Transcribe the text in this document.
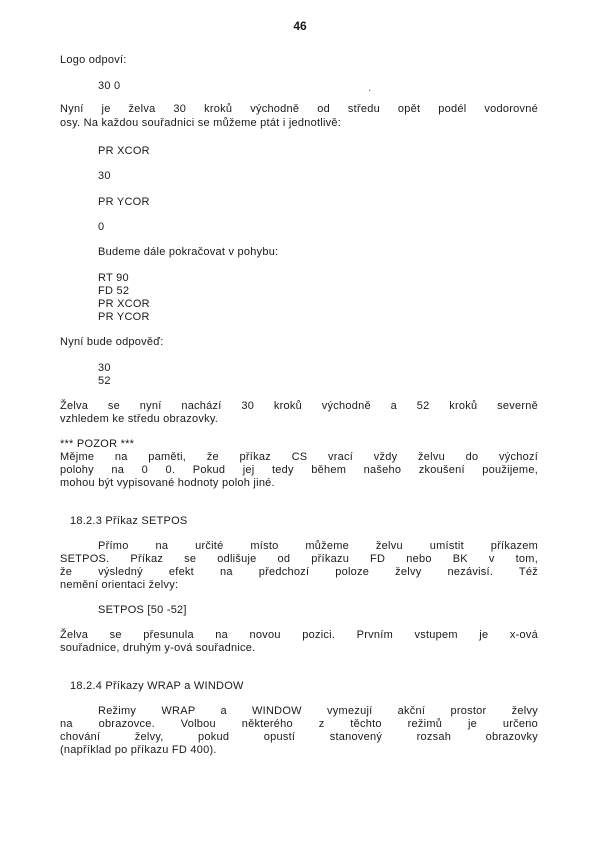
46
Logo odpoví:
30 0	ˏ
Nyní je želva 30 kroků východně od středu opět podél vodorovné
osy. Na každou souřadnici se můžeme ptát i jednotlivě:
PR XCOR
30
PR YCOR
0
Budeme dále pokračovat v pohybu:
RT 90
FD 52
PR XCOR
PR YCOR
Nyní bude odpověď:
30
52
Želva se nyní nachází 30 kroků východně a 52 kroků severně
vzhledem ke středu obrazovky.
*** POZOR ***
Mějme na paměti, že příkaz CS vrací vždy želvu do výchozí
polohy na 0 0. Pokud jej tedy během našeho zkoušení použijeme,
mohou být vypisované hodnoty poloh jiné.
18.2.3 Příkaz SETPOS
Přímo na určité místo můžeme želvu umístit příkazem
SETPOS. Příkaz se odlišuje od příkazu FD nebo BK v tom,
že výsledný efekt na předchozí poloze želvy nezávisí. Též
nemění orientaci želvy:
SETPOS [50 -52]
Želva se přesunula na novou pozici. Prvním vstupem je x-ová
souřadnice, druhým y-ová souřadnice.
18.2.4 Příkazy WRAP a WINDOW
Režimy WRAP a WINDOW vymezují akční prostor želvy
na obrazovce. Volbou některého z těchto režimů je určeno
chování želvy, pokud opustí stanovený rozsah obrazovky
(například po příkazu FD 400).
